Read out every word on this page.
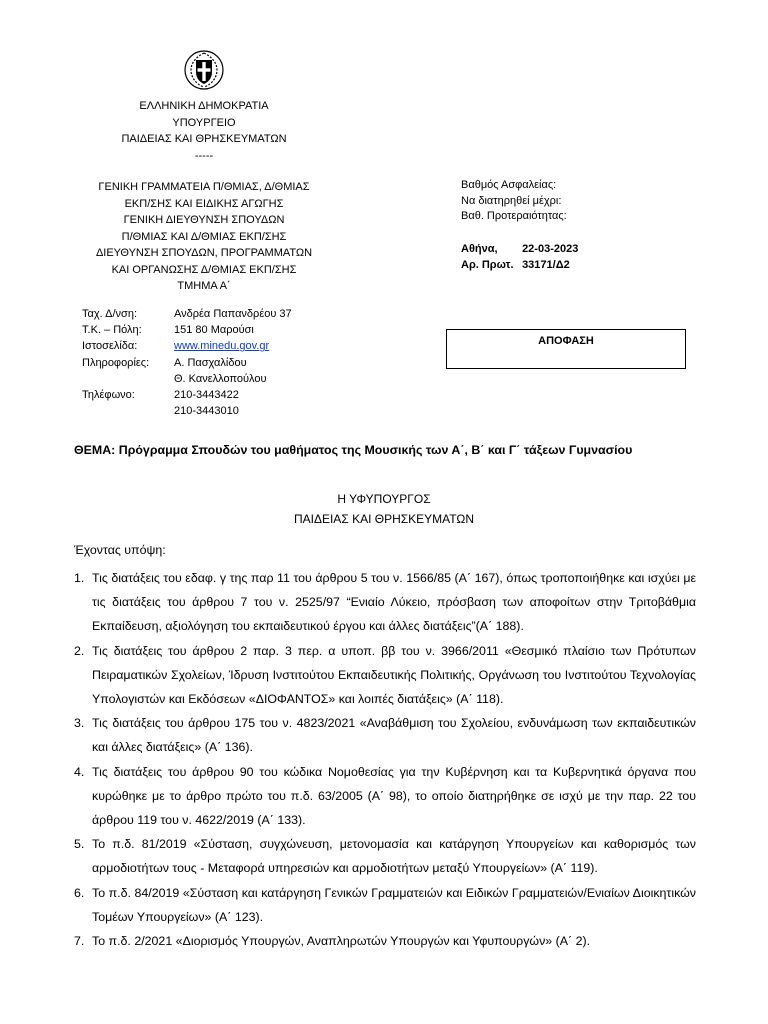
ΕΛΛΗΝΙΚΗ ΔΗΜΟΚΡΑΤΙΑ
ΥΠΟΥΡΓΕΙΟ
ΠΑΙΔΕΙΑΣ ΚΑΙ ΘΡΗΣΚΕΥΜΑΤΩΝ
-----
ΓΕΝΙΚΗ ΓΡΑΜΜΑΤΕΙΑ Π/ΘΜΙΑΣ, Δ/ΘΜΙΑΣ
ΕΚΠ/ΣΗΣ ΚΑΙ ΕΙΔΙΚΗΣ ΑΓΩΓΗΣ
ΓΕΝΙΚΗ ΔΙΕΥΘΥΝΣΗ ΣΠΟΥΔΩΝ
Π/ΘΜΙΑΣ ΚΑΙ Δ/ΘΜΙΑΣ ΕΚΠ/ΣΗΣ
ΔΙΕΥΘΥΝΣΗ ΣΠΟΥΔΩΝ, ΠΡΟΓΡΑΜΜΑΤΩΝ
ΚΑΙ ΟΡΓΑΝΩΣΗΣ Δ/ΘΜΙΑΣ ΕΚΠ/ΣΗΣ
ΤΜΗΜΑ Α΄
Βαθμός Ασφαλείας:
Να διατηρηθεί μέχρι:
Βαθ. Προτεραιότητας:
Αθήνα, 22-03-2023
Αρ. Πρωτ. 33171/Δ2
Ταχ. Δ/νση:	Ανδρέα Παπανδρέου 37
Τ.Κ. – Πόλη:	151 80 Μαρούσι
Ιστοσελίδα:	www.minedu.gov.gr
Πληροφορίες:	Α. Πασχαλίδου
Θ. Κανελλοπούλου
Τηλέφωνο:	210-3443422
210-3443010
ΑΠΟΦΑΣΗ
ΘΕΜΑ: Πρόγραμμα Σπουδών του μαθήματος της Μουσικής των Α΄, Β΄ και Γ΄ τάξεων Γυμνασίου
Η ΥΦΥΠΟΥΡΓΟΣ
ΠΑΙΔΕΙΑΣ ΚΑΙ ΘΡΗΣΚΕΥΜΑΤΩΝ
Έχοντας υπόψη:
1. Τις διατάξεις του εδαφ. γ της παρ 11 του άρθρου 5 του ν. 1566/85 (Α΄ 167), όπως τροποποιήθηκε και ισχύει με τις διατάξεις του άρθρου 7 του ν. 2525/97 “Ενιαίο Λύκειο, πρόσβαση των αποφοίτων στην Τριτοβάθμια Εκπαίδευση, αξιολόγηση του εκπαιδευτικού έργου και άλλες διατάξεις”(Α΄ 188).
2. Τις διατάξεις του άρθρου 2 παρ. 3 περ. α υποπ. ββ του ν. 3966/2011 «Θεσμικό πλαίσιο των Πρότυπων Πειραματικών Σχολείων, Ίδρυση Ινστιτούτου Εκπαιδευτικής Πολιτικής, Οργάνωση του Ινστιτούτου Τεχνολογίας Υπολογιστών και Εκδόσεων «ΔΙΟΦΑΝΤΟΣ» και λοιπές διατάξεις» (Α΄ 118).
3. Τις διατάξεις του άρθρου 175 του ν. 4823/2021 «Αναβάθμιση του Σχολείου, ενδυνάμωση των εκπαιδευτικών και άλλες διατάξεις» (Α΄ 136).
4. Τις διατάξεις του άρθρου 90 του κώδικα Νομοθεσίας για την Κυβέρνηση και τα Κυβερνητικά όργανα που κυρώθηκε με το άρθρο πρώτο του π.δ. 63/2005 (Α΄ 98), το οποίο διατηρήθηκε σε ισχύ με την παρ. 22 του άρθρου 119 του ν. 4622/2019 (Α΄ 133).
5. Το π.δ. 81/2019 «Σύσταση, συγχώνευση, μετονομασία και κατάργηση Υπουργείων και καθορισμός των αρμοδιοτήτων τους - Μεταφορά υπηρεσιών και αρμοδιοτήτων μεταξύ Υπουργείων» (Α΄ 119).
6. Το π.δ. 84/2019 «Σύσταση και κατάργηση Γενικών Γραμματειών και Ειδικών Γραμματειών/Ενιαίων Διοικητικών Τομέων Υπουργείων» (Α΄ 123).
7. Το π.δ. 2/2021 «Διορισμός Υπουργών, Αναπληρωτών Υπουργών και Υφυπουργών» (Α΄ 2).
